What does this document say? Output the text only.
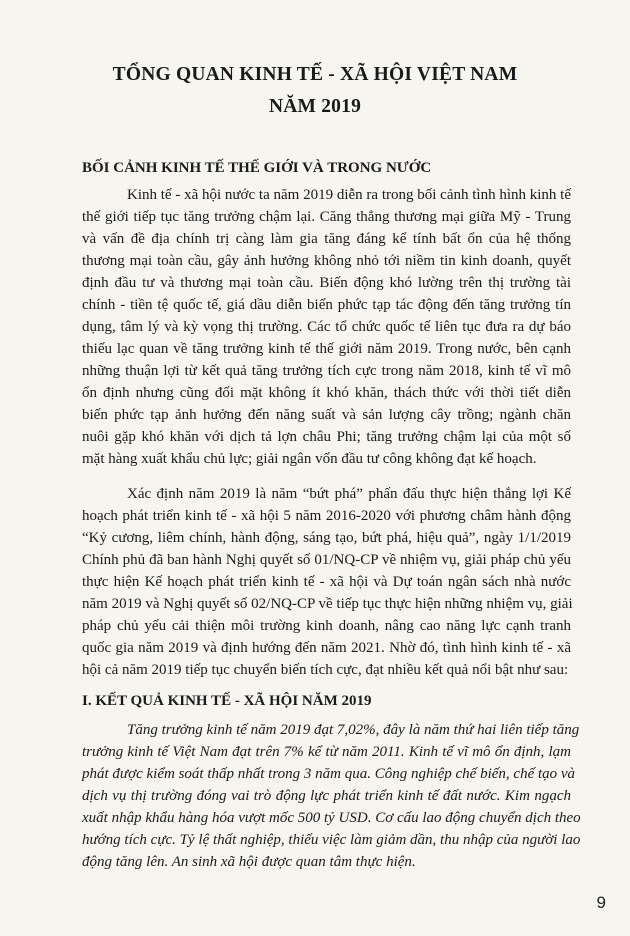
TỔNG QUAN KINH TẾ - XÃ HỘI VIỆT NAM
NĂM 2019
BỐI CẢNH KINH TẾ THẾ GIỚI VÀ TRONG NƯỚC

   Kinh tế - xã hội nước ta năm 2019 diễn ra trong bối cảnh tình hình kinh tế
thế giới tiếp tục tăng trưởng chậm lại. Căng thẳng thương mại giữa Mỹ - Trung
và vấn đề địa chính trị càng làm gia tăng đáng kể tính bất ổn của hệ thống
thương mại toàn cầu, gây ảnh hưởng không nhỏ tới niềm tin kinh doanh, quyết
định đầu tư và thương mại toàn cầu. Biến động khó lường trên thị trường tài
chính - tiền tệ quốc tế, giá dầu diễn biến phức tạp tác động đến tăng trưởng tín
dụng, tâm lý và kỳ vọng thị trường. Các tổ chức quốc tế liên tục đưa ra dự báo
thiếu lạc quan về tăng trưởng kinh tế thế giới năm 2019. Trong nước, bên cạnh
những thuận lợi từ kết quả tăng trưởng tích cực trong năm 2018, kinh tế vĩ mô
ổn định nhưng cũng đối mặt không ít khó khăn, thách thức với thời tiết diễn
biến phức tạp ảnh hưởng đến năng suất và sản lượng cây trồng; ngành chăn
nuôi gặp khó khăn với dịch tả lợn châu Phi; tăng trưởng chậm lại của một số
mặt hàng xuất khẩu chủ lực; giải ngân vốn đầu tư công không đạt kế hoạch.

   Xác định năm 2019 là năm “bứt phá” phấn đấu thực hiện thắng lợi Kế
hoạch phát triển kinh tế - xã hội 5 năm 2016-2020 với phương châm hành động
“Kỷ cương, liêm chính, hành động, sáng tạo, bứt phá, hiệu quả”, ngày 1/1/2019
Chính phủ đã ban hành Nghị quyết số 01/NQ-CP về nhiệm vụ, giải pháp chủ yếu
thực hiện Kế hoạch phát triển kinh tế - xã hội và Dự toán ngân sách nhà nước
năm 2019 và Nghị quyết số 02/NQ-CP về tiếp tục thực hiện những nhiệm vụ, giải
pháp chủ yếu cải thiện môi trường kinh doanh, nâng cao năng lực cạnh tranh
quốc gia năm 2019 và định hướng đến năm 2021. Nhờ đó, tình hình kinh tế - xã
hội cả năm 2019 tiếp tục chuyển biến tích cực, đạt nhiều kết quả nổi bật như sau:

I. KẾT QUẢ KINH TẾ - XÃ HỘI NĂM 2019

   Tăng trưởng kinh tế năm 2019 đạt 7,02%, đây là năm thứ hai liên tiếp tăng
trưởng kinh tế Việt Nam đạt trên 7% kể từ năm 2011. Kinh tế vĩ mô ổn định, lạm
phát được kiểm soát thấp nhất trong 3 năm qua. Công nghiệp chế biến, chế tạo và
dịch vụ thị trường đóng vai trò động lực phát triển kinh tế đất nước. Kim ngạch
xuất nhập khẩu hàng hóa vượt mốc 500 tỷ USD. Cơ cấu lao động chuyển dịch theo
hướng tích cực. Tỷ lệ thất nghiệp, thiếu việc làm giảm dần, thu nhập của người lao
động tăng lên. An sinh xã hội được quan tâm thực hiện.

9
